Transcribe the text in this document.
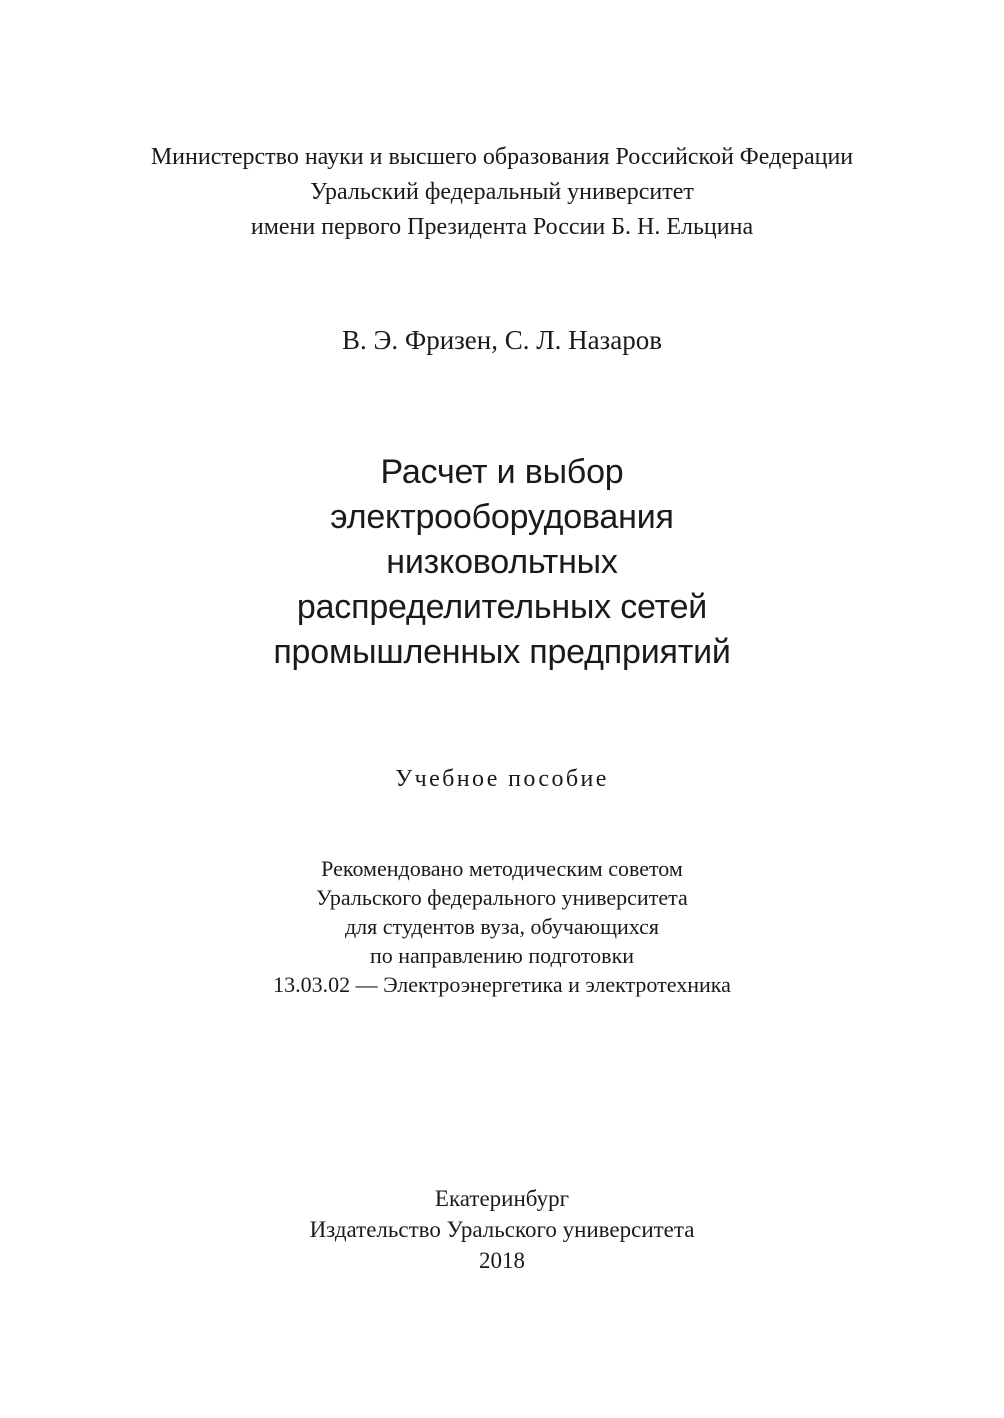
Министерство науки и высшего образования Российской Федерации
Уральский федеральный университет
имени первого Президента России Б. Н. Ельцина
В. Э. Фризен, С. Л. Назаров
Расчет и выбор
электрооборудования
низковольтных
распределительных сетей
промышленных предприятий
Учебное пособие
Рекомендовано методическим советом
Уральского федерального университета
для студентов вуза, обучающихся
по направлению подготовки
13.03.02 — Электроэнергетика и электротехника
Екатеринбург
Издательство Уральского университета
2018
